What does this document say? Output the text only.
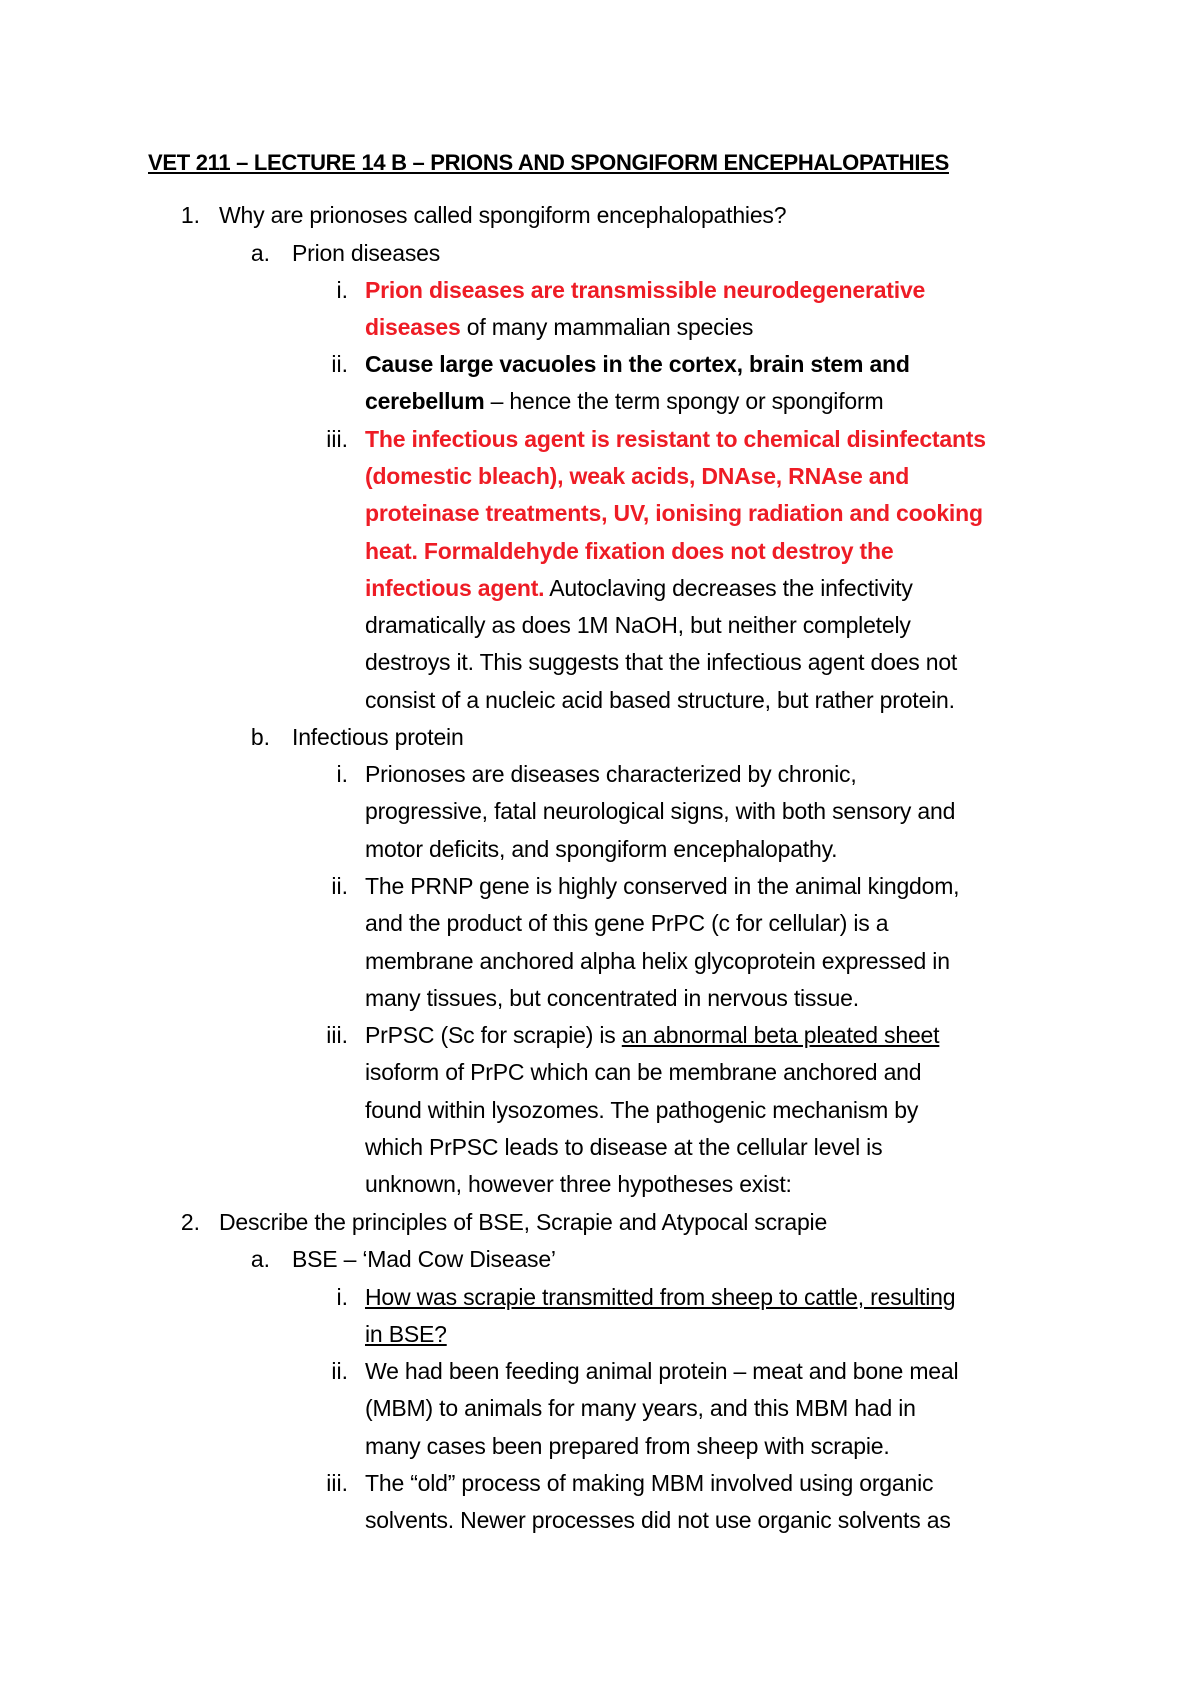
VET 211 – LECTURE 14 B – PRIONS AND SPONGIFORM ENCEPHALOPATHIES
1. Why are prionoses called spongiform encephalopathies?
a. Prion diseases
i. Prion diseases are transmissible neurodegenerative
diseases of many mammalian species
ii. Cause large vacuoles in the cortex, brain stem and
cerebellum – hence the term spongy or spongiform
iii. The infectious agent is resistant to chemical disinfectants
(domestic bleach), weak acids, DNAse, RNAse and
proteinase treatments, UV, ionising radiation and cooking
heat. Formaldehyde fixation does not destroy the
infectious agent. Autoclaving decreases the infectivity
dramatically as does 1M NaOH, but neither completely
destroys it. This suggests that the infectious agent does not
consist of a nucleic acid based structure, but rather protein.
b. Infectious protein
i. Prionoses are diseases characterized by chronic,
progressive, fatal neurological signs, with both sensory and
motor deficits, and spongiform encephalopathy.
ii. The PRNP gene is highly conserved in the animal kingdom,
and the product of this gene PrPC (c for cellular) is a
membrane anchored alpha helix glycoprotein expressed in
many tissues, but concentrated in nervous tissue.
iii. PrPSC (Sc for scrapie) is an abnormal beta pleated sheet
isoform of PrPC which can be membrane anchored and
found within lysozomes. The pathogenic mechanism by
which PrPSC leads to disease at the cellular level is
unknown, however three hypotheses exist:
2. Describe the principles of BSE, Scrapie and Atypocal scrapie
a. BSE – ‘Mad Cow Disease’
i. How was scrapie transmitted from sheep to cattle, resulting
in BSE?
ii. We had been feeding animal protein – meat and bone meal
(MBM) to animals for many years, and this MBM had in
many cases been prepared from sheep with scrapie.
iii. The “old” process of making MBM involved using organic
solvents. Newer processes did not use organic solvents as
